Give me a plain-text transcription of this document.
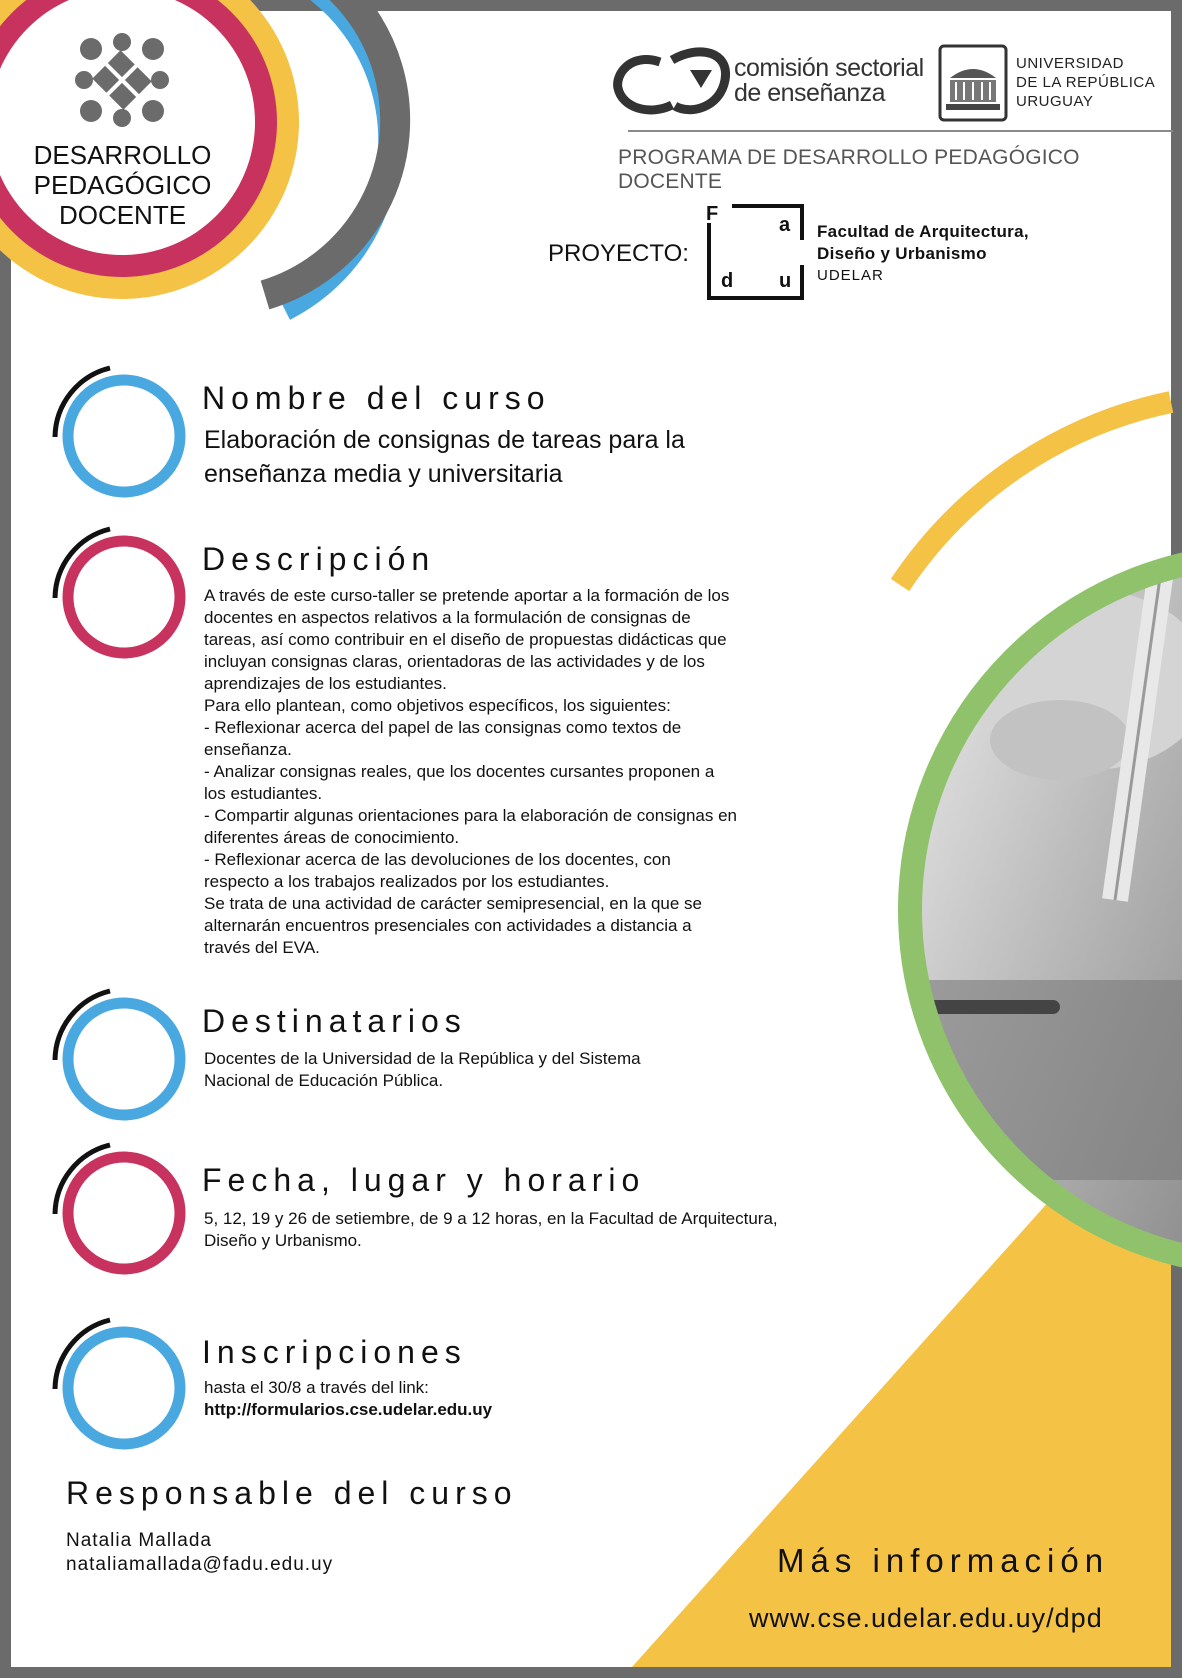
DESARROLLO PEDAGÓGICO DOCENTE
comisión sectorial
de enseñanza
UNIVERSIDAD
DE LA REPÚBLICA
URUGUAY
PROGRAMA DE DESARROLLO PEDAGÓGICO DOCENTE
PROYECTO:
F	a
d u
Facultad de Arquitectura,
Diseño y Urbanismo
UDELAR
Nombre del curso
Elaboración de consignas de tareas para la
enseñanza media y universitaria
Descripción
A través de este curso-taller se pretende aportar a la formación de los
docentes en aspectos relativos a la formulación de consignas de
tareas, así como contribuir en el diseño de propuestas didácticas que
incluyan consignas claras, orientadoras de las actividades y de los
aprendizajes de los estudiantes.
Para ello plantean, como objetivos específicos, los siguientes:
- Reflexionar acerca del papel de las consignas como textos de
enseñanza.
- Analizar consignas reales, que los docentes cursantes proponen a
los estudiantes.
- Compartir algunas orientaciones para la elaboración de consignas en
diferentes áreas de conocimiento.
- Reflexionar acerca de las devoluciones de los docentes, con
respecto a los trabajos realizados por los estudiantes.
Se trata de una actividad de carácter semipresencial, en la que se
alternarán encuentros presenciales con actividades a distancia a
través del EVA.
Destinatarios
Docentes de la Universidad de la República y del Sistema
Nacional de Educación Pública.
Fecha, lugar y horario
5, 12, 19 y 26 de setiembre, de 9 a 12 horas, en la Facultad de Arquitectura,
Diseño y Urbanismo.
Inscripciones
hasta el 30/8 a través del link:
http://formularios.cse.udelar.edu.uy
Responsable del curso
Natalia Mallada
nataliamallada@fadu.edu.uy	Más información
www.cse.udelar.edu.uy/dpd
